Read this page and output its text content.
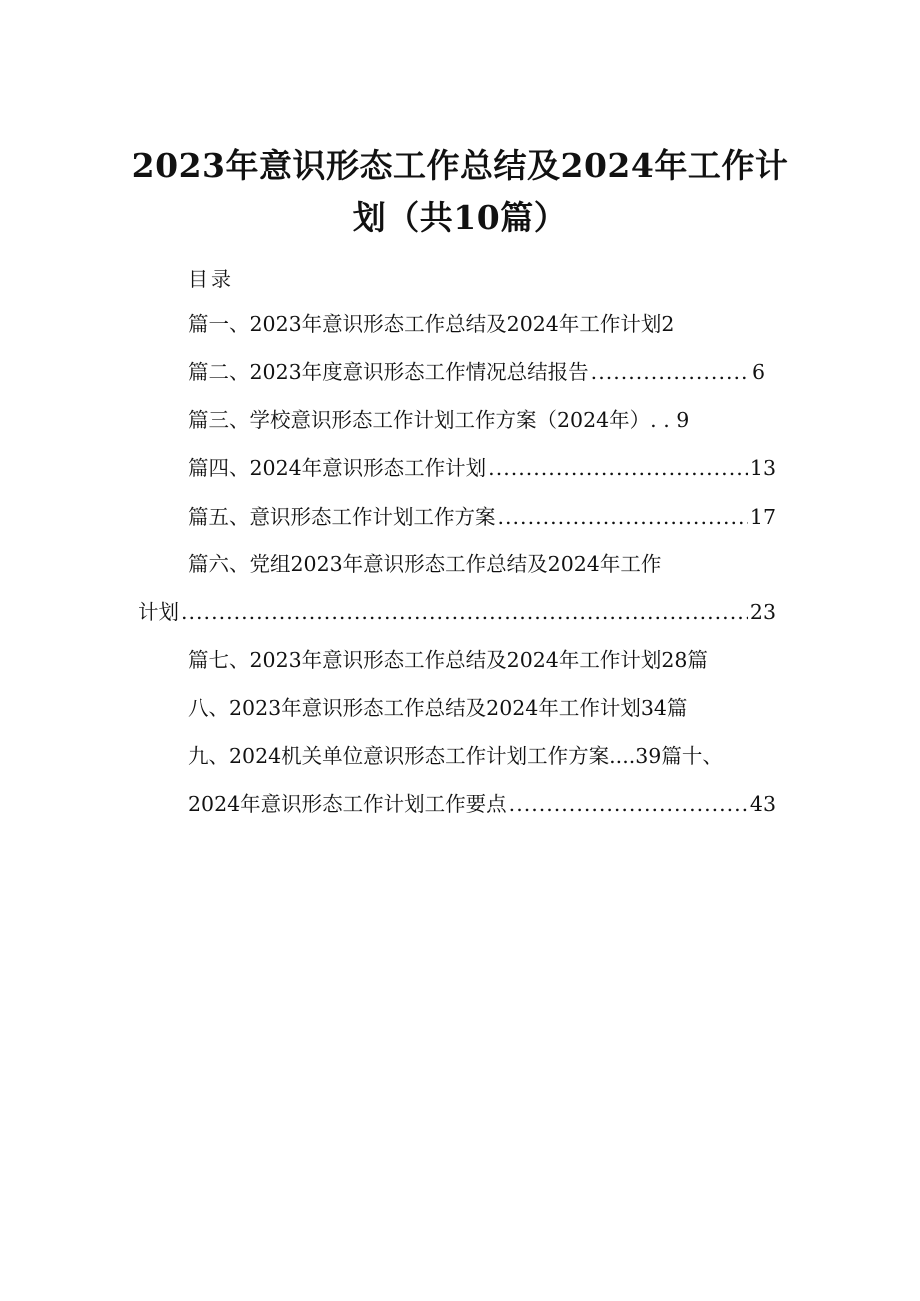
2023年意识形态工作总结及2024年工作计
划（共10篇）
目录
篇一、2023年意识形态工作总结及2024年工作计划2
篇二、2023年度意识形态工作情况总结报告 .....	6
篇三、学校意识形态工作计划工作方案（2024年）. . 9
篇四、2024年意识形态工作计划 .....	13
篇五、意识形态工作计划工作方案 .....	17
篇六、党组2023年意识形态工作总结及2024年工作
计划 .....	23
篇七、2023年意识形态工作总结及2024年工作计划28篇
八、2023年意识形态工作总结及2024年工作计划34篇
九、2024机关单位意识形态工作计划工作方案....39篇十、
2024年意识形态工作计划工作要点 .....	43
